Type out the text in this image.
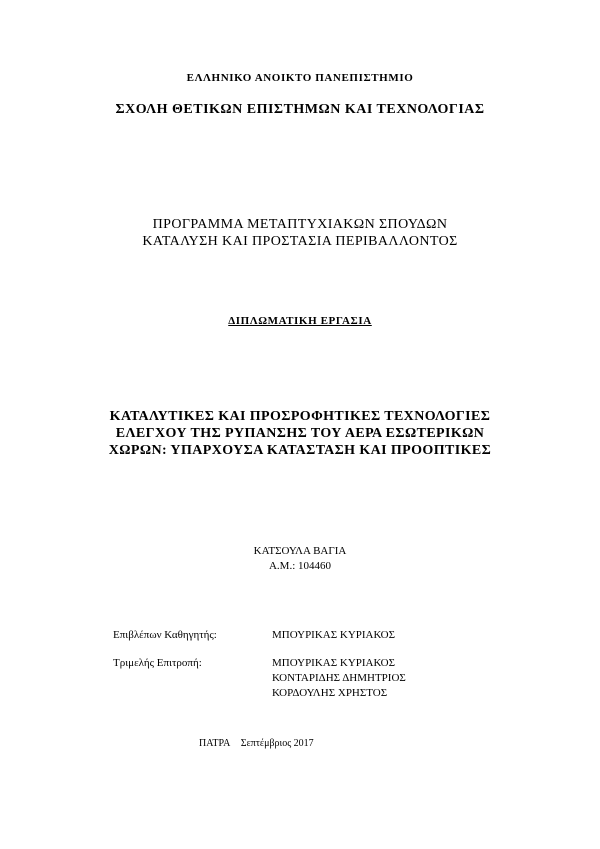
ΕΛΛΗΝΙΚΟ ΑΝΟΙΚΤΟ ΠΑΝΕΠΙΣΤΗΜΙΟ
ΣΧΟΛΗ ΘΕΤΙΚΩΝ ΕΠΙΣΤΗΜΩΝ ΚΑΙ ΤΕΧΝΟΛΟΓΙΑΣ
ΠΡΟΓΡΑΜΜΑ ΜΕΤΑΠΤΥΧΙΑΚΩΝ ΣΠΟΥΔΩΝ
ΚΑΤΑΛΥΣΗ ΚΑΙ ΠΡΟΣΤΑΣΙΑ ΠΕΡΙΒΑΛΛΟΝΤΟΣ
ΔΙΠΛΩΜΑΤΙΚΗ ΕΡΓΑΣΙΑ
ΚΑΤΑΛΥΤΙΚΕΣ ΚΑΙ ΠΡΟΣΡΟΦΗΤΙΚΕΣ ΤΕΧΝΟΛΟΓΙΕΣ
ΕΛΕΓΧΟΥ ΤΗΣ ΡΥΠΑΝΣΗΣ ΤΟΥ ΑΕΡΑ ΕΣΩΤΕΡΙΚΩΝ
ΧΩΡΩΝ: ΥΠΑΡΧΟΥΣΑ ΚΑΤΑΣΤΑΣΗ ΚΑΙ ΠΡΟΟΠΤΙΚΕΣ
ΚΑΤΣΟΥΛΑ ΒΑΓΙΑ
Α.Μ.: 104460
Επιβλέπων Καθηγητής:	ΜΠΟΥΡΙΚΑΣ ΚΥΡΙΑΚΟΣ
Τριμελής Επιτροπή:	ΜΠΟΥΡΙΚΑΣ ΚΥΡΙΑΚΟΣ
ΚΟΝΤΑΡΙΔΗΣ ΔΗΜΗΤΡΙΟΣ
ΚΟΡΔΟΥΛΗΣ ΧΡΗΣΤΟΣ
ΠΑΤΡΑ Σεπτέμβριος 2017
